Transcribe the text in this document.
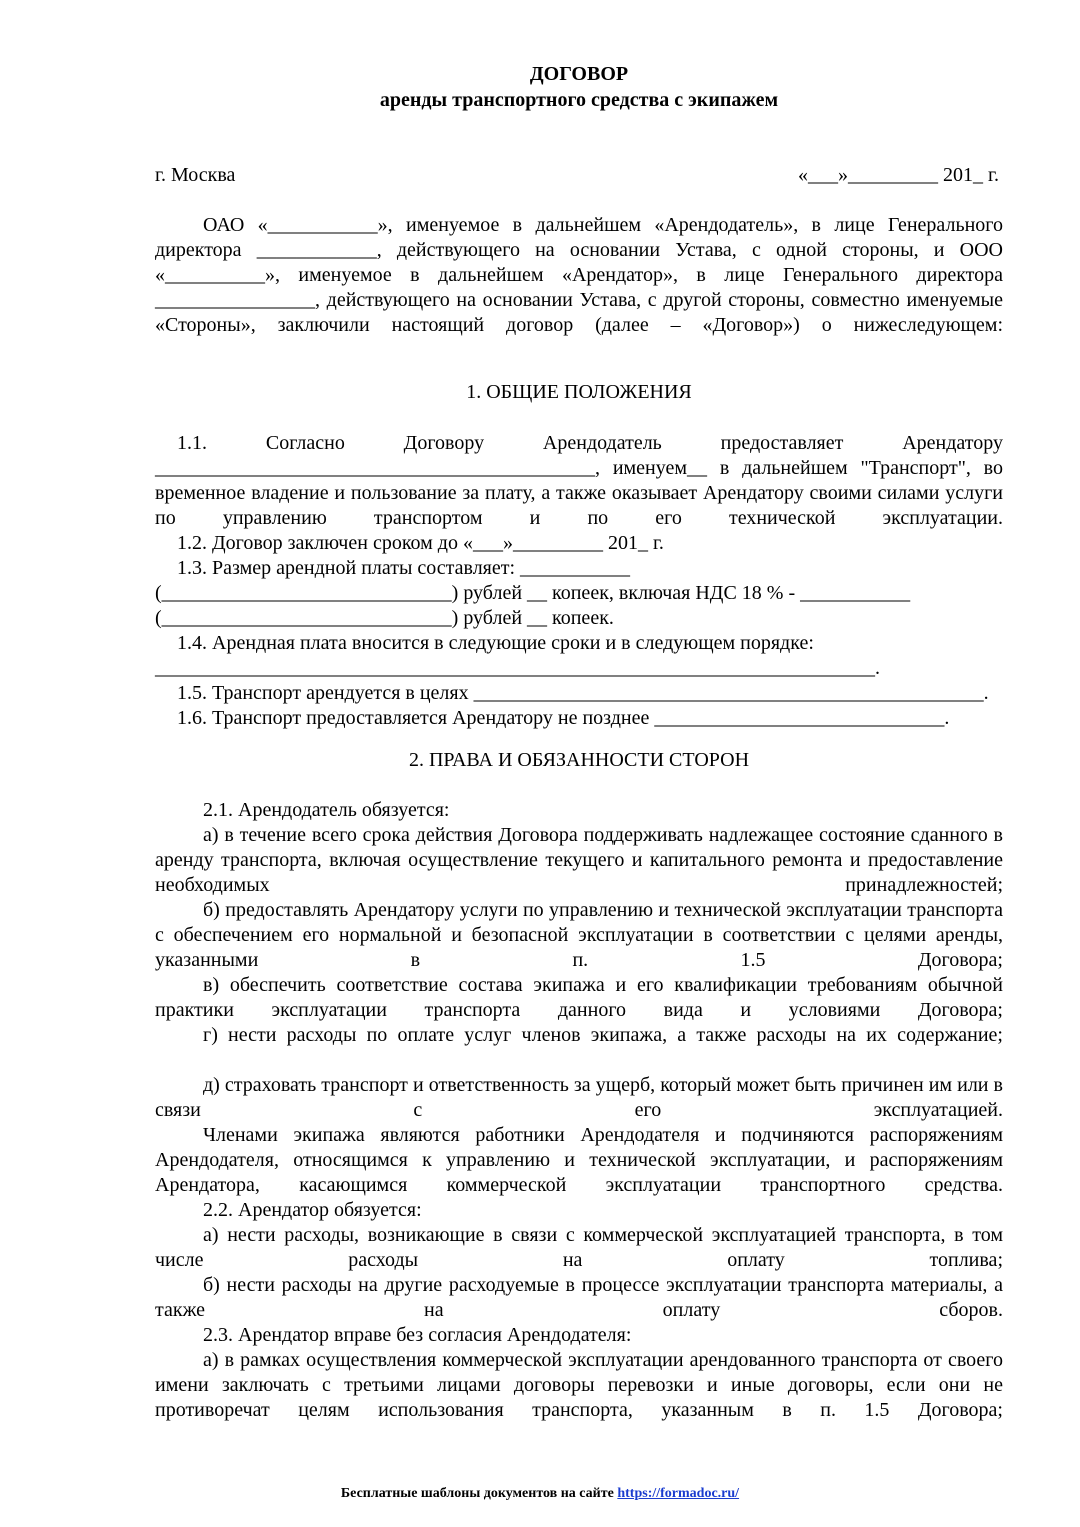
ДОГОВОР
аренды транспортного средства с экипажем
г. Москва	«___»_________ 201_ г.
ОАО «___________», именуемое в дальнейшем «Арендодатель», в лице Генерального директора ____________, действующего на основании Устава, с одной стороны, и ООО «__________», именуемое в дальнейшем «Арендатор», в лице Генерального директора ________________, действующего на основании Устава, с другой стороны, совместно именуемые «Стороны», заключили настоящий договор (далее – «Договор») о нижеследующем:
1. ОБЩИЕ ПОЛОЖЕНИЯ
1.1. Согласно Договору Арендодатель предоставляет Арендатору ____________________________________________, именуем__ в дальнейшем "Транспорт", во временное владение и пользование за плату, а также оказывает Арендатору своими силами услуги по управлению транспортом и по его технической эксплуатации.
1.2. Договор заключен сроком до «___»_________ 201_ г.
1.3. Размер арендной платы составляет: ___________
(_____________________________) рублей __ копеек, включая НДС 18 % - ___________
(_____________________________) рублей __ копеек.
1.4. Арендная плата вносится в следующие сроки и в следующем порядке:
________________________________________________________________________.
1.5. Транспорт арендуется в целях ___________________________________________________.
1.6. Транспорт предоставляется Арендатору не позднее _____________________________.
2. ПРАВА И ОБЯЗАННОСТИ СТОРОН
2.1. Арендодатель обязуется:
а) в течение всего срока действия Договора поддерживать надлежащее состояние сданного в аренду транспорта, включая осуществление текущего и капитального ремонта и предоставление необходимых принадлежностей;
б) предоставлять Арендатору услуги по управлению и технической эксплуатации транспорта с обеспечением его нормальной и безопасной эксплуатации в соответствии с целями аренды, указанными в п. 1.5 Договора;
в) обеспечить соответствие состава экипажа и его квалификации требованиям обычной практики эксплуатации транспорта данного вида и условиями Договора;
г) нести расходы по оплате услуг членов экипажа, а также расходы на их содержание;
д) страховать транспорт и ответственность за ущерб, который может быть причинен им или в связи с его эксплуатацией.
Членами экипажа являются работники Арендодателя и подчиняются распоряжениям Арендодателя, относящимся к управлению и технической эксплуатации, и распоряжениям Арендатора, касающимся коммерческой эксплуатации транспортного средства.
2.2. Арендатор обязуется:
а) нести расходы, возникающие в связи с коммерческой эксплуатацией транспорта, в том числе расходы на оплату топлива;
б) нести расходы на другие расходуемые в процессе эксплуатации транспорта материалы, а также на оплату сборов.
2.3. Арендатор вправе без согласия Арендодателя:
а) в рамках осуществления коммерческой эксплуатации арендованного транспорта от своего имени заключать с третьими лицами договоры перевозки и иные договоры, если они не противоречат целям использования транспорта, указанным в п. 1.5 Договора;
Бесплатные шаблоны документов на сайте https://formadoc.ru/
